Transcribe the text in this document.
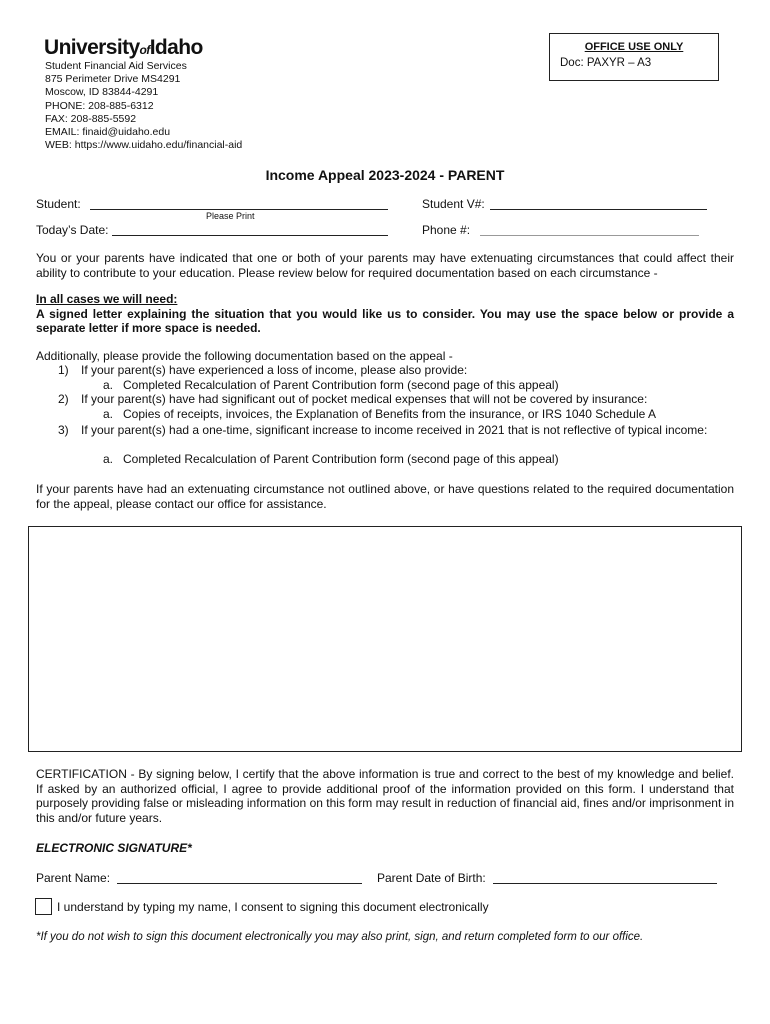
UniversityofIdaho
Student Financial Aid Services
875 Perimeter Drive MS4291
Moscow, ID 83844-4291
PHONE: 208-885-6312
FAX: 208-885-5592
EMAIL: finaid@uidaho.edu
WEB: https://www.uidaho.edu/financial-aid
OFFICE USE ONLY
Doc: PAXYR – A3
Income Appeal 2023-2024 - PARENT
Student:
Please Print
Student V#:
Today’s Date:	Phone #:
You or your parents have indicated that one or both of your parents may have extenuating circumstances that could affect their ability to contribute to your education. Please review below for required documentation based on each circumstance -
In all cases we will need:
A signed letter explaining the situation that you would like us to consider. You may use the space below or provide a separate letter if more space is needed.
Additionally, please provide the following documentation based on the appeal -
1) If your parent(s) have experienced a loss of income, please also provide:
a.   Completed Recalculation of Parent Contribution form (second page of this appeal)
2) If your parent(s) have had significant out of pocket medical expenses that will not be covered by insurance:
a.   Copies of receipts, invoices, the Explanation of Benefits from the insurance, or IRS 1040 Schedule A
3) If your parent(s) had a one-time, significant increase to income received in 2021 that is not reflective of typical income:
a.   Completed Recalculation of Parent Contribution form (second page of this appeal)
If your parents have had an extenuating circumstance not outlined above, or have questions related to the required documentation for the appeal, please contact our office for assistance.
CERTIFICATION - By signing below, I certify that the above information is true and correct to the best of my knowledge and belief. If asked by an authorized official, I agree to provide additional proof of the information provided on this form. I understand that purposely providing false or misleading information on this form may result in reduction of financial aid, fines and/or imprisonment in this and/or future years.
ELECTRONIC SIGNATURE*
Parent Name:	Parent Date of Birth:
I understand by typing my name, I consent to signing this document electronically
*If you do not wish to sign this document electronically you may also print, sign, and return completed form to our office.
